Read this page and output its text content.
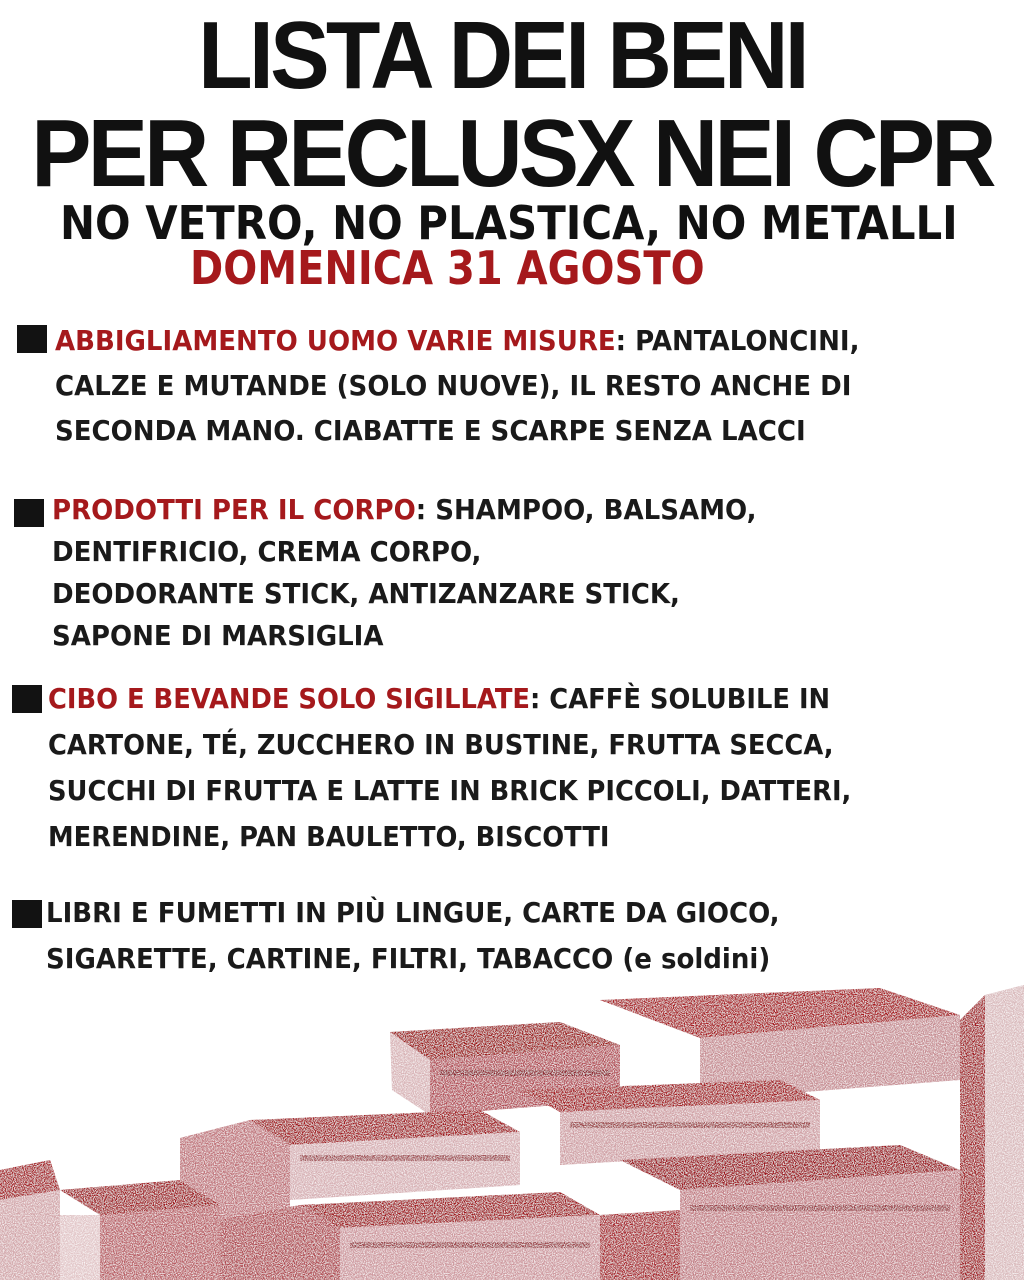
LISTA DEI BENI
PER RECLUSX NEI CPR
NO VETRO, NO PLASTICA, NO METALLI
DOMENICA 31 AGOSTO
ABBIGLIAMENTO UOMO VARIE MISURE: PANTALONCINI,
CALZE E MUTANDE (SOLO NUOVE), IL RESTO ANCHE DI
SECONDA MANO. CIABATTE E SCARPE SENZA LACCI
PRODOTTI PER IL CORPO: SHAMPOO, BALSAMO,
DENTIFRICIO, CREMA CORPO,
DEODORANTE STICK, ANTIZANZARE STICK,
SAPONE DI MARSIGLIA
CIBO E BEVANDE SOLO SIGILLATE: CAFFÈ SOLUBILE IN
CARTONE, TÉ, ZUCCHERO IN BUSTINE, FRUTTA SECCA,
SUCCHI DI FRUTTA E LATTE IN BRICK PICCOLI, DATTERI,
MERENDINE, PAN BAULETTO, BISCOTTI
LIBRI E FUMETTI IN PIÙ LINGUE, CARTE DA GIOCO,
SIGARETTE, CARTINE, FILTRI, TABACCO (e soldini)
